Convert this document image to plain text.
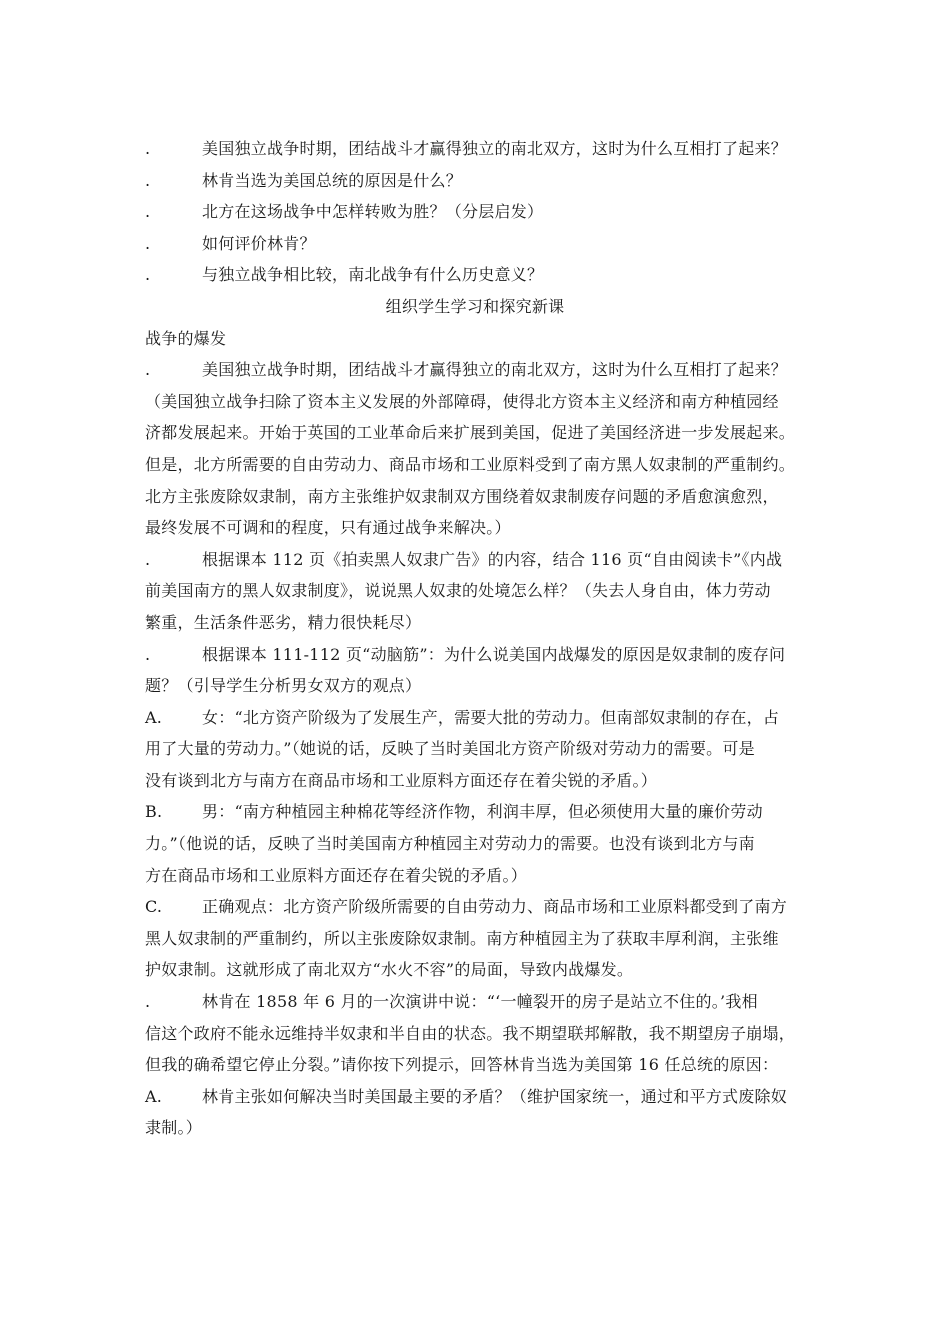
.	美国独立战争时期，团结战斗才赢得独立的南北双方，这时为什么互相打了起来？
.	林肯当选为美国总统的原因是什么？
.	北方在这场战争中怎样转败为胜？（分层启发）
.	如何评价林肯？
.	与独立战争相比较，南北战争有什么历史意义？
组织学生学习和探究新课
战争的爆发
.	美国独立战争时期，团结战斗才赢得独立的南北双方，这时为什么互相打了起来？
（美国独立战争扫除了资本主义发展的外部障碍，使得北方资本主义经济和南方种植园经
济都发展起来。开始于英国的工业革命后来扩展到美国，促进了美国经济进一步发展起来。
但是，北方所需要的自由劳动力、商品市场和工业原料受到了南方黑人奴隶制的严重制约。
北方主张废除奴隶制，南方主张维护奴隶制双方围绕着奴隶制废存问题的矛盾愈演愈烈，
最终发展不可调和的程度，只有通过战争来解决。）
.	根据课本 112 页《拍卖黑人奴隶广告》的内容，结合 116 页“自由阅读卡”《内战
前美国南方的黑人奴隶制度》，说说黑人奴隶的处境怎么样？（失去人身自由，体力劳动
繁重，生活条件恶劣，精力很快耗尽）
.	根据课本 111-112 页“动脑筋”：为什么说美国内战爆发的原因是奴隶制的废存问
题？（引导学生分析男女双方的观点）
A.	女：“北方资产阶级为了发展生产，需要大批的劳动力。但南部奴隶制的存在，占
用了大量的劳动力。”（她说的话，反映了当时美国北方资产阶级对劳动力的需要。可是
没有谈到北方与南方在商品市场和工业原料方面还存在着尖锐的矛盾。）
B.	男：“南方种植园主种棉花等经济作物，利润丰厚，但必须使用大量的廉价劳动
力。”（他说的话，反映了当时美国南方种植园主对劳动力的需要。也没有谈到北方与南
方在商品市场和工业原料方面还存在着尖锐的矛盾。）
C.	正确观点：北方资产阶级所需要的自由劳动力、商品市场和工业原料都受到了南方
黑人奴隶制的严重制约，所以主张废除奴隶制。南方种植园主为了获取丰厚利润，主张维
护奴隶制。这就形成了南北双方“水火不容”的局面，导致内战爆发。
.	林肯在 1858 年 6 月的一次演讲中说：“‘一幢裂开的房子是站立不住的。’我相
信这个政府不能永远维持半奴隶和半自由的状态。我不期望联邦解散，我不期望房子崩塌，
但我的确希望它停止分裂。”请你按下列提示，回答林肯当选为美国第 16 任总统的原因：
A.	林肯主张如何解决当时美国最主要的矛盾？（维护国家统一，通过和平方式废除奴
隶制。）
